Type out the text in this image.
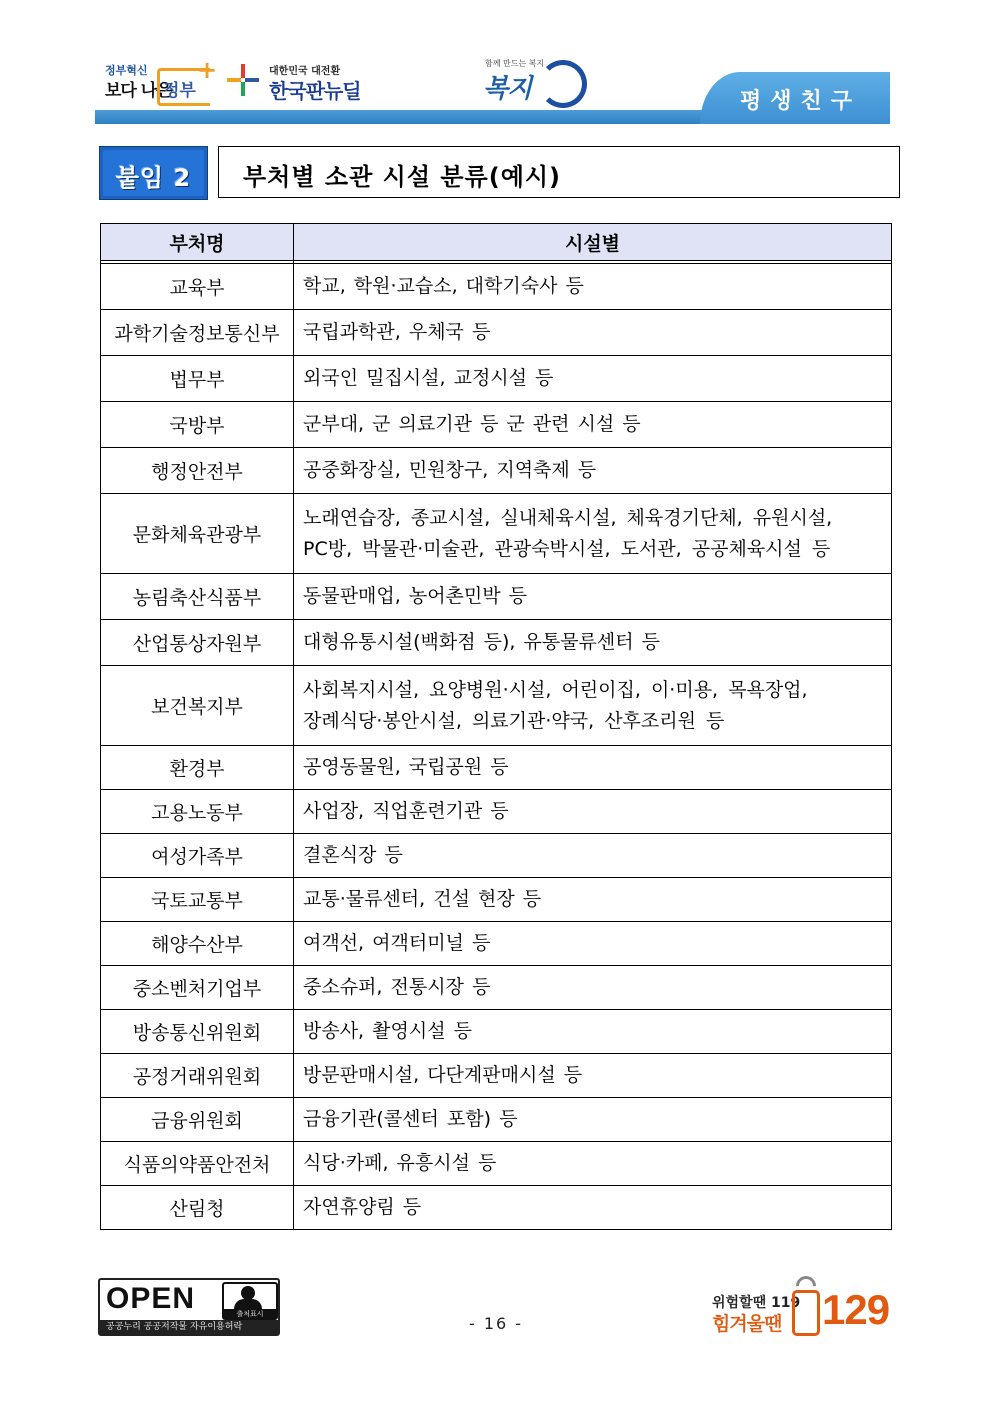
정부혁신
보다 나은
정부
+	대한민국 대전환
한국판뉴딜
함께 만드는 복지
복지	평생친구
붙임 2	부처별 소관 시설 분류(예시)
부처명	시설별

교육부	학교, 학원·교습소, 대학기숙사 등

과학기술정보통신부	국립과학관, 우체국 등

법무부	외국인 밀집시설, 교정시설 등

국방부	군부대, 군 의료기관 등 군 관련 시설 등

행정안전부	공중화장실, 민원창구, 지역축제 등

문화체육관광부	노래연습장, 종교시설, 실내체육시설, 체육경기단체, 유원시설,
PC방, 박물관·미술관, 관광숙박시설, 도서관, 공공체육시설 등

농림축산식품부	동물판매업, 농어촌민박 등

산업통상자원부	대형유통시설(백화점 등), 유통물류센터 등

보건복지부	사회복지시설, 요양병원·시설, 어린이집, 이·미용, 목욕장업,
장례식당·봉안시설, 의료기관·약국, 산후조리원 등

환경부	공영동물원, 국립공원 등

고용노동부	사업장, 직업훈련기관 등

여성가족부	결혼식장 등

국토교통부	교통·물류센터, 건설 현장 등

해양수산부	여객선, 여객터미널 등

중소벤처기업부	중소슈퍼, 전통시장 등

방송통신위원회	방송사, 촬영시설 등

공정거래위원회	방문판매시설, 다단계판매시설 등

금융위원회	금융기관(콜센터 포함) 등

식품의약품안전처	식당·카페, 유흥시설 등

산림청	자연휴양림 등
OPEN	출처표시
공공누리 공공저작물 자유이용허락	- 16 -
위험할땐 119
힘겨울땐 129
